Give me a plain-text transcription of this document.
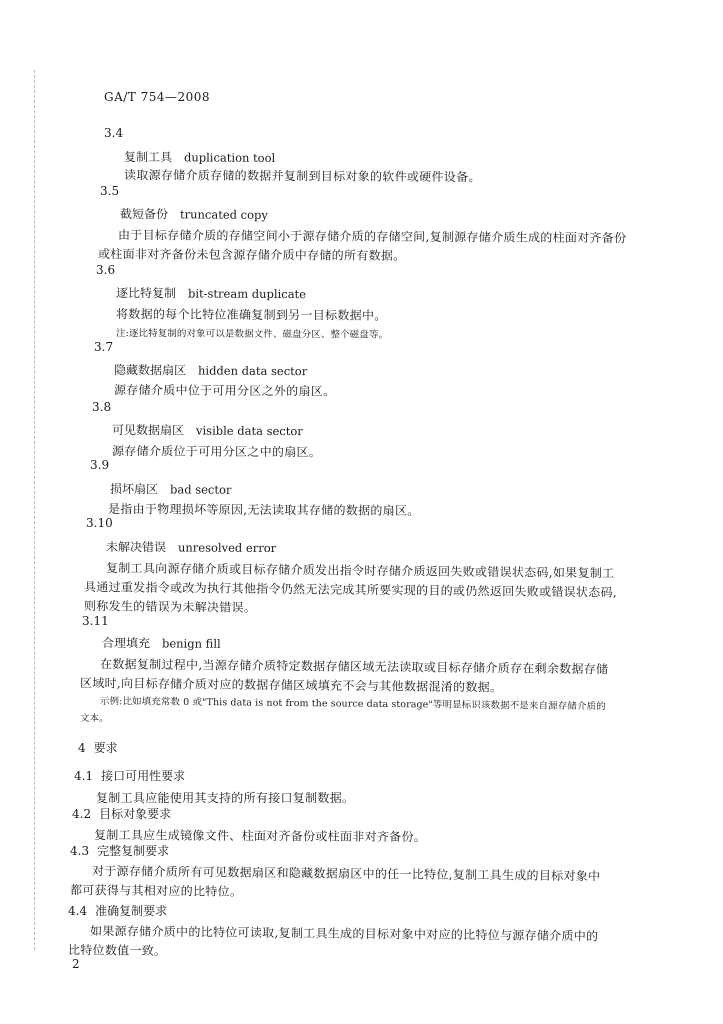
GA/T 754—2008
3.4
复制工具 duplication tool
读取源存储介质存储的数据并复制到目标对象的软件或硬件设备。
3.5
截短备份 truncated copy
由于目标存储介质的存储空间小于源存储介质的存储空间,复制源存储介质生成的柱面对齐备份
或柱面非对齐备份未包含源存储介质中存储的所有数据。
3.6
逐比特复制 bit-stream duplicate
将数据的每个比特位准确复制到另一目标数据中。
注:逐比特复制的对象可以是数据文件、磁盘分区、整个磁盘等。
3.7
隐藏数据扇区 hidden data sector
源存储介质中位于可用分区之外的扇区。
3.8
可见数据扇区 visible data sector
源存储介质位于可用分区之中的扇区。
3.9
损坏扇区 bad sector
是指由于物理损坏等原因,无法读取其存储的数据的扇区。
3.10
未解决错误 unresolved error
复制工具向源存储介质或目标存储介质发出指令时存储介质返回失败或错误状态码,如果复制工
具通过重发指令或改为执行其他指令仍然无法完成其所要实现的目的或仍然返回失败或错误状态码,
则称发生的错误为未解决错误。
3.11
合理填充 benign fill
在数据复制过程中,当源存储介质特定数据存储区域无法读取或目标存储介质存在剩余数据存储
区域时,向目标存储介质对应的数据存储区域填充不会与其他数据混淆的数据。
示例:比如填充常数 0 或"This data is not from the source data storage"等明显标识该数据不是来自源存储介质的
文本。
4 要求
4.1 接口可用性要求
复制工具应能使用其支持的所有接口复制数据。
4.2 目标对象要求
复制工具应生成镜像文件、柱面对齐备份或柱面非对齐备份。
4.3 完整复制要求
对于源存储介质所有可见数据扇区和隐藏数据扇区中的任一比特位,复制工具生成的目标对象中
都可获得与其相对应的比特位。
4.4 准确复制要求
如果源存储介质中的比特位可读取,复制工具生成的目标对象中对应的比特位与源存储介质中的
比特位数值一致。
2
